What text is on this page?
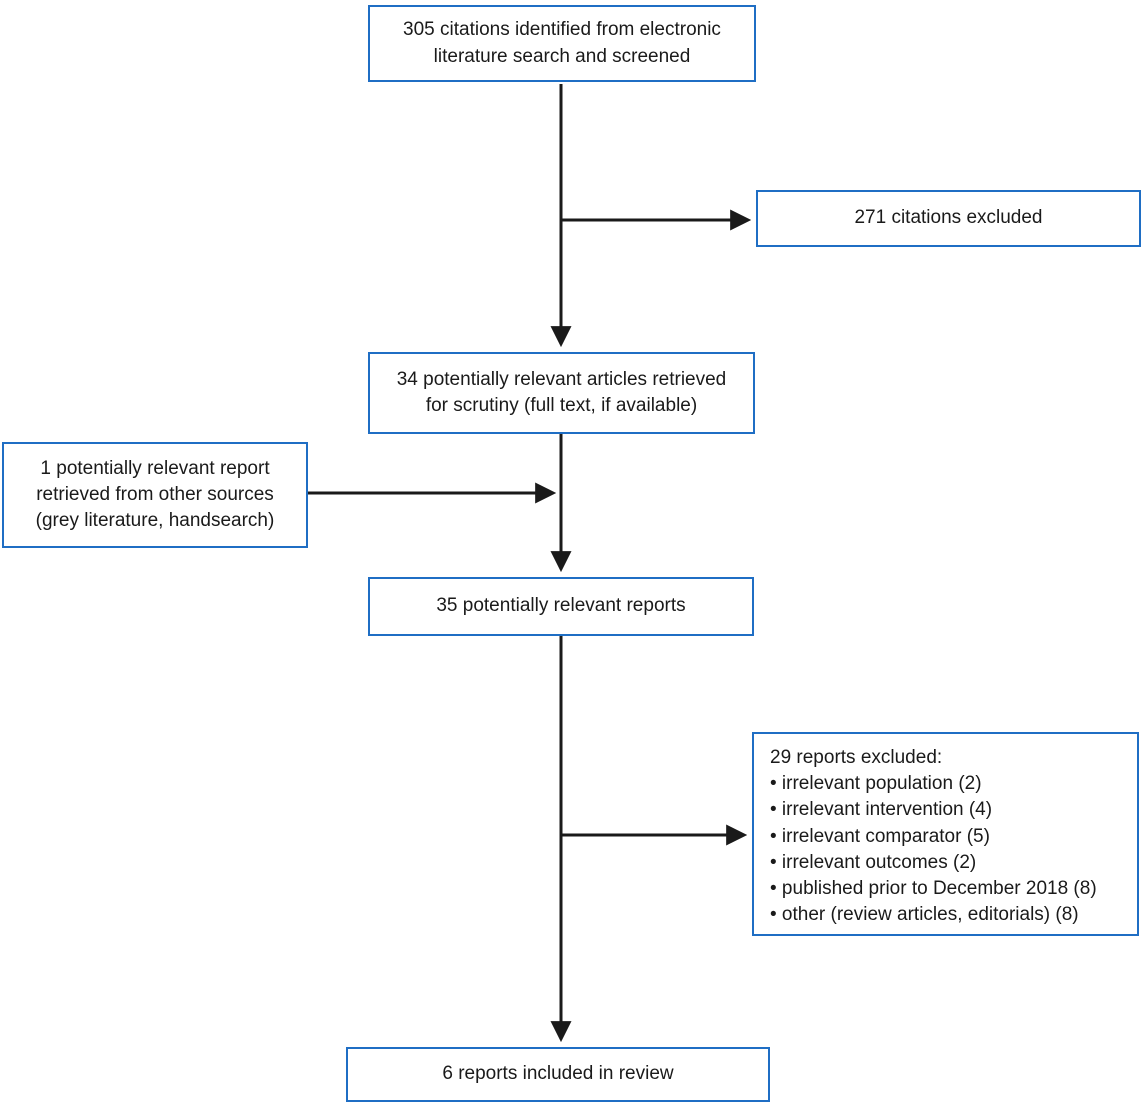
305 citations identified from electronic literature search and screened
271 citations excluded
34 potentially relevant articles retrieved for scrutiny (full text, if available)
1 potentially relevant report retrieved from other sources (grey literature, handsearch)
35 potentially relevant reports
29 reports excluded:
• irrelevant population (2)
• irrelevant intervention (4)
• irrelevant comparator (5)
• irrelevant outcomes (2)
• published prior to December 2018 (8)
• other (review articles, editorials) (8)
6 reports included in review
